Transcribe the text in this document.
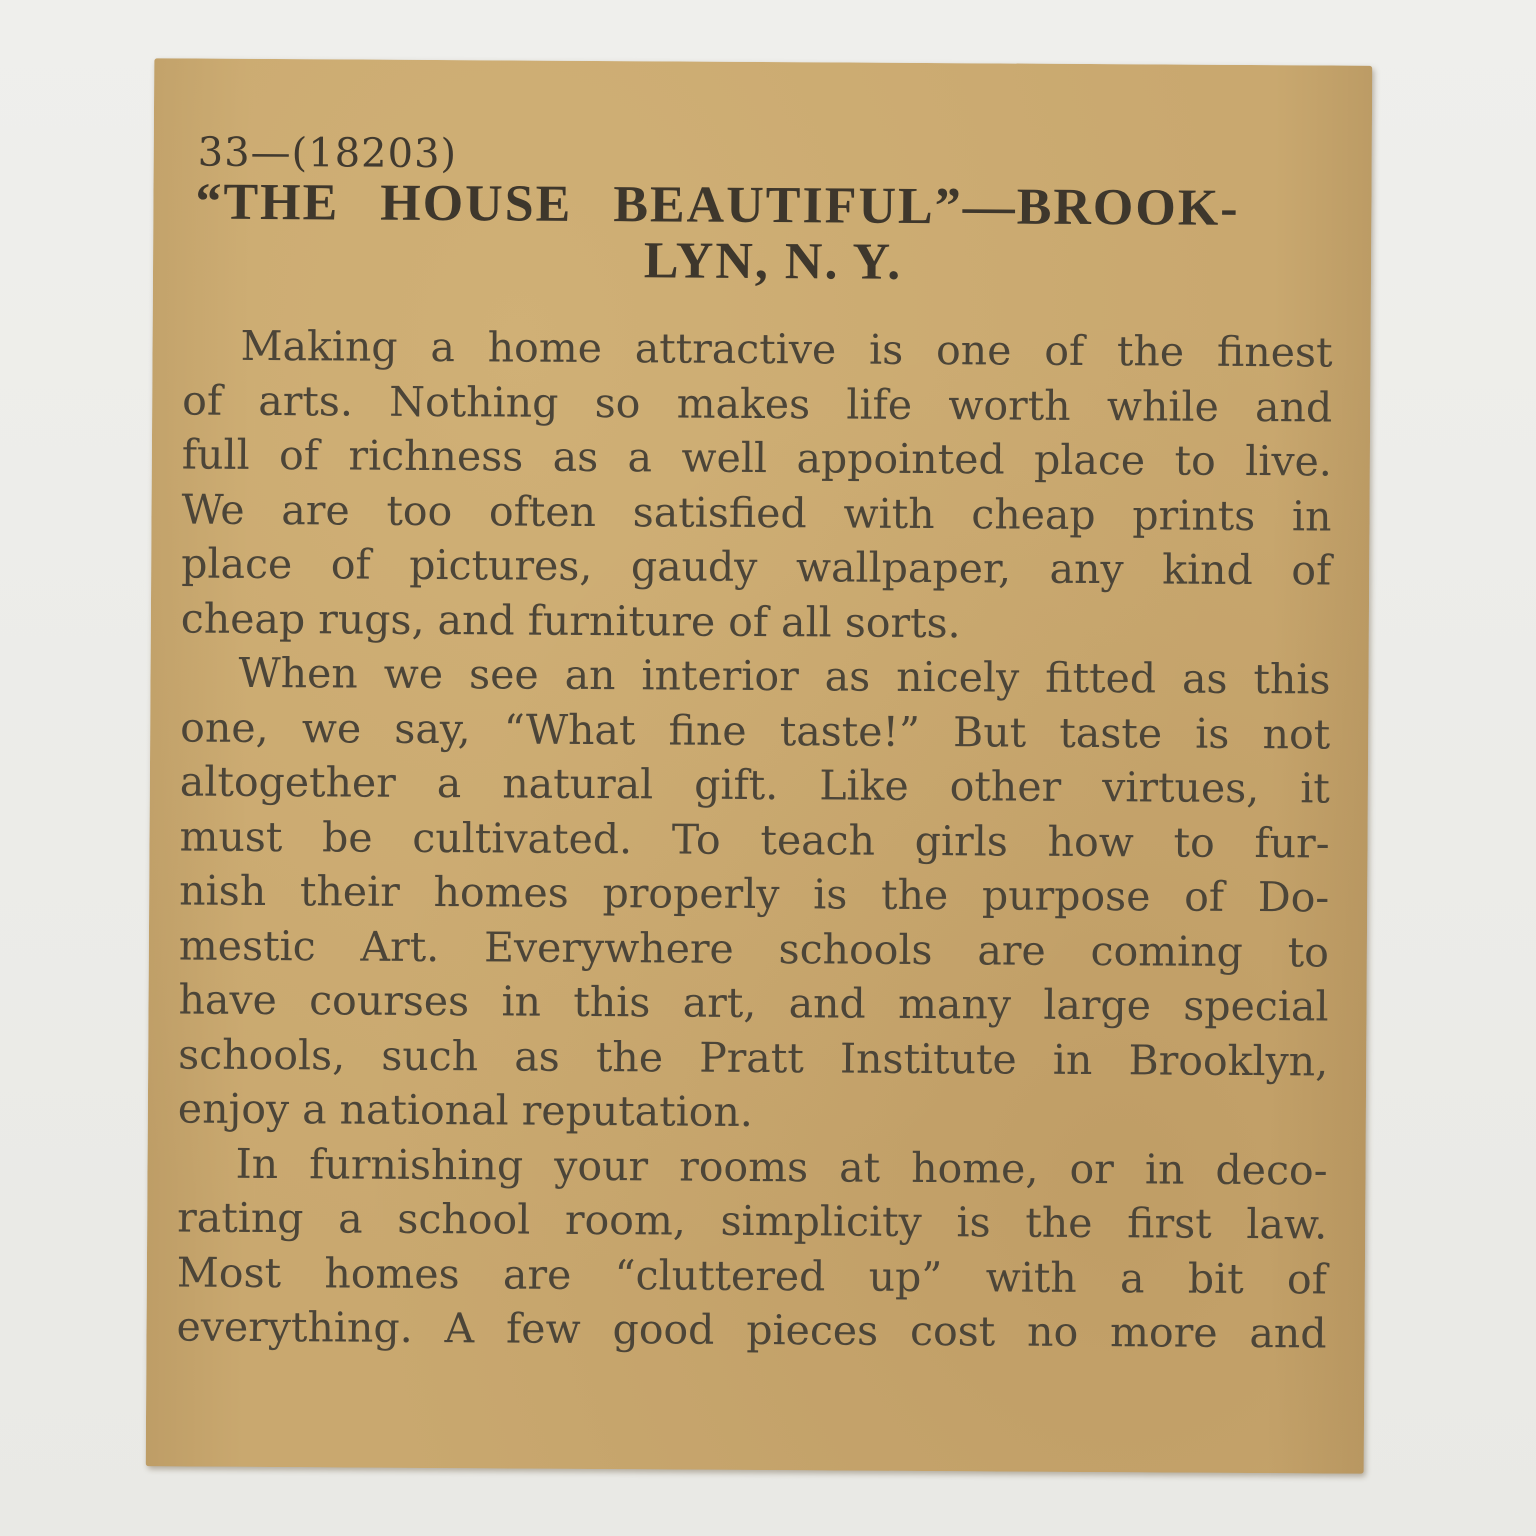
33—(18203)
“THE HOUSE BEAUTIFUL”—BROOK-
LYN, N. Y.
Making a home attractive is one of the finest
of arts. Nothing so makes life worth while and
full of richness as a well appointed place to live.
We are too often satisfied with cheap prints in
place of pictures, gaudy wallpaper, any kind of
cheap rugs, and furniture of all sorts.
When we see an interior as nicely fitted as this
one, we say, “What fine taste!” But taste is not
altogether a natural gift. Like other virtues, it
must be cultivated. To teach girls how to fur-
nish their homes properly is the purpose of Do-
mestic Art. Everywhere schools are coming to
have courses in this art, and many large special
schools, such as the Pratt Institute in Brooklyn,
enjoy a national reputation.
In furnishing your rooms at home, or in deco-
rating a school room, simplicity is the first law.
Most homes are “cluttered up” with a bit of
everything. A few good pieces cost no more and
